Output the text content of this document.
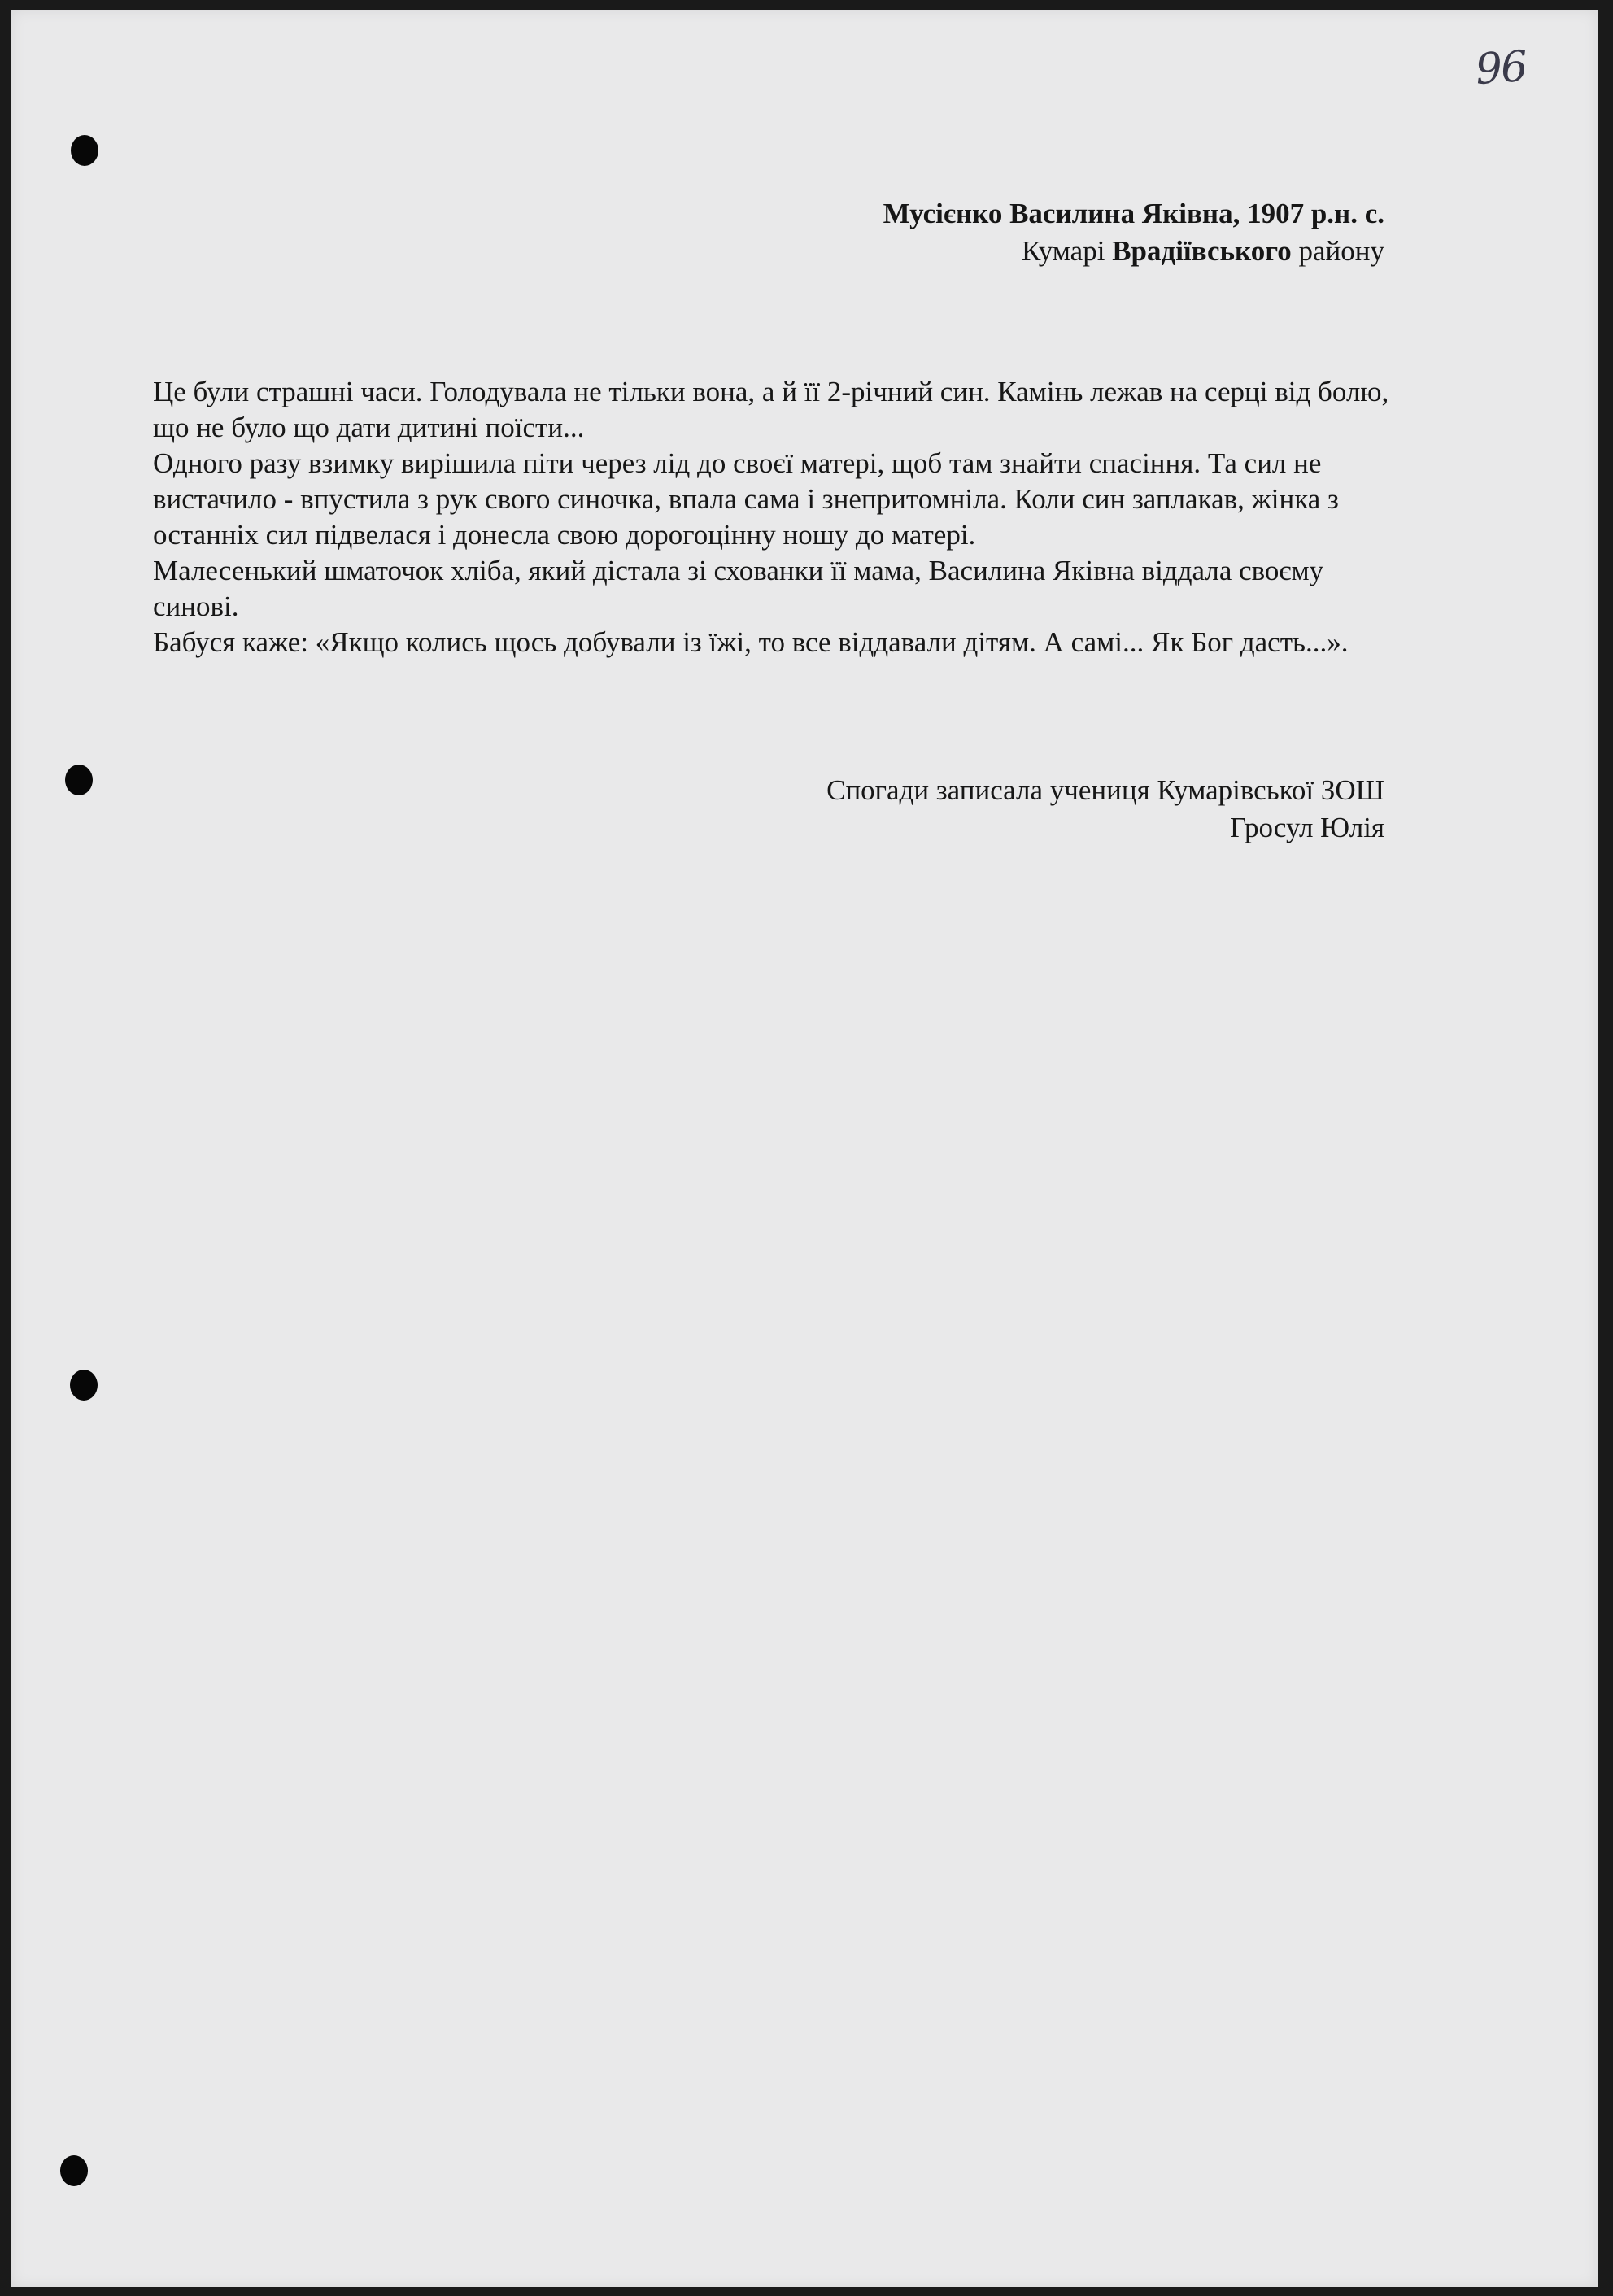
96
Мусієнко Василина Яківна, 1907 р.н. с.
Кумарі Врадіївського району

Це були страшні часи. Голодувала не тільки вона, а й її 2-річний син. Камінь лежав на серці від болю, що не було що дати дитині поїсти...

Одного разу взимку вирішила піти через лід до своєї матері, щоб там знайти спасіння. Та сил не вистачило - впустила з рук свого синочка, впала сама і знепритомніла. Коли син заплакав, жінка з останніх сил підвелася і донесла свою дорогоцінну ношу до матері.

Малесенький шматочок хліба, який дістала зі схованки її мама, Василина Яківна віддала своєму синові.

Бабуся каже: «Якщо колись щось добували із їжі, то все віддавали дітям. А самі... Як Бог дасть...».

Спогади записала учениця Кумарівської ЗОШ
Гросул Юлія
